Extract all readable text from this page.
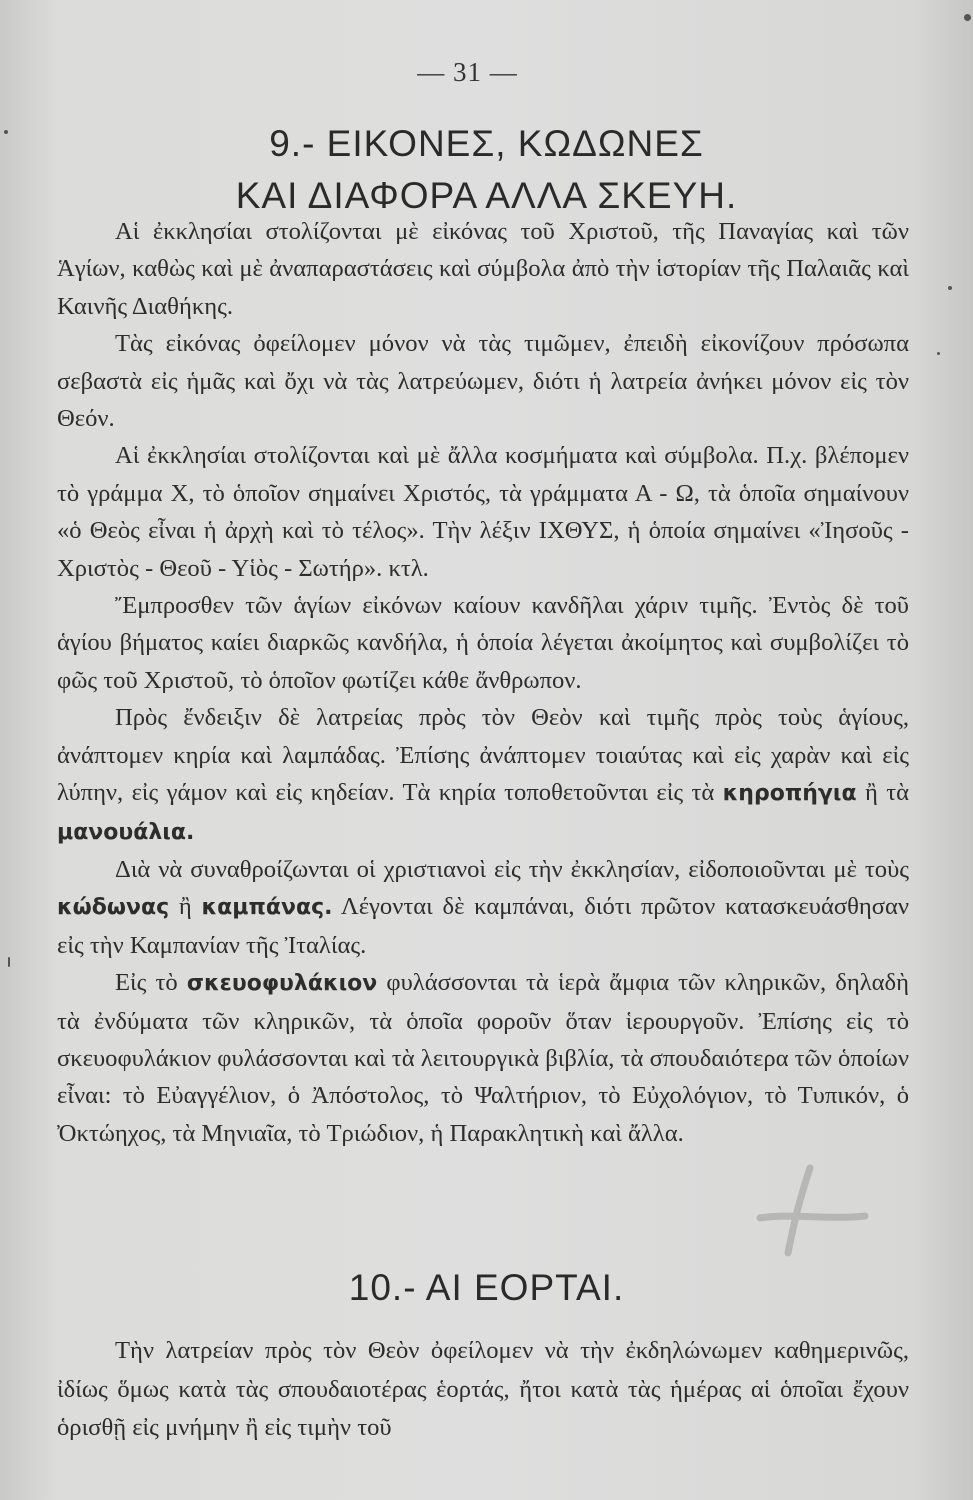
— 31 —
9.- ΕΙΚΟΝΕΣ, ΚΩΔΩΝΕΣ
ΚΑΙ ΔΙΑΦΟΡΑ ΑΛΛΑ ΣΚΕΥΗ.

Αἱ ἐκκλησίαι στολίζονται μὲ εἰκόνας τοῦ Χριστοῦ, τῆς Παναγίας καὶ τῶν Ἁγίων, καθὼς καὶ μὲ ἀναπαραστάσεις καὶ σύμβολα ἀπὸ τὴν ἱστορίαν τῆς Παλαιᾶς καὶ Καινῆς Διαθήκης.

Τὰς εἰκόνας ὀφείλομεν μόνον νὰ τὰς τιμῶμεν, ἐπειδὴ εἰκονίζουν πρόσωπα σεβαστὰ εἰς ἡμᾶς καὶ ὄχι νὰ τὰς λατρεύωμεν, διότι ἡ λατρεία ἀνήκει μόνον εἰς τὸν Θεόν.

Αἱ ἐκκλησίαι στολίζονται καὶ μὲ ἄλλα κοσμήματα καὶ σύμβολα. Π.χ. βλέπομεν τὸ γράμμα Χ, τὸ ὁποῖον σημαίνει Χριστός, τὰ γράμματα Α - Ω, τὰ ὁποῖα σημαίνουν «ὁ Θεὸς εἶναι ἡ ἀρχὴ καὶ τὸ τέλος». Τὴν λέξιν ΙΧΘΥΣ, ἡ ὁποία σημαίνει «Ἰησοῦς - Χριστὸς - Θεοῦ - Υἱὸς - Σωτήρ». κτλ.

Ἔμπροσθεν τῶν ἁγίων εἰκόνων καίουν κανδῆλαι χάριν τιμῆς. Ἐντὸς δὲ τοῦ ἁγίου βήματος καίει διαρκῶς κανδήλα, ἡ ὁποία λέγεται ἀκοίμητος καὶ συμβολίζει τὸ φῶς τοῦ Χριστοῦ, τὸ ὁποῖον φωτίζει κάθε ἄνθρωπον.

Πρὸς ἔνδειξιν δὲ λατρείας πρὸς τὸν Θεὸν καὶ τιμῆς πρὸς τοὺς ἁγίους, ἀνάπτομεν κηρία καὶ λαμπάδας. Ἐπίσης ἀνάπτομεν τοιαύτας καὶ εἰς χαρὰν καὶ εἰς λύπην, εἰς γάμον καὶ εἰς κηδείαν. Τὰ κηρία τοποθετοῦνται εἰς τὰ κηροπήγια ἢ τὰ μανουάλια.

Διὰ νὰ συναθροίζωνται οἱ χριστιανοὶ εἰς τὴν ἐκκλησίαν, εἰδοποιοῦνται μὲ τοὺς κώδωνας ἢ καμπάνας. Λέγονται δὲ καμπάναι, διότι πρῶτον κατασκευάσθησαν εἰς τὴν Καμπανίαν τῆς Ἰταλίας.

Εἰς τὸ σκευοφυλάκιον φυλάσσονται τὰ ἱερὰ ἄμφια τῶν κληρικῶν, δηλαδὴ τὰ ἐνδύματα τῶν κληρικῶν, τὰ ὁποῖα φοροῦν ὅταν ἱερουργοῦν. Ἐπίσης εἰς τὸ σκευοφυλάκιον φυλάσσονται καὶ τὰ λειτουργικὰ βιβλία, τὰ σπουδαιότερα τῶν ὁποίων εἶναι: τὸ Εὐαγγέλιον, ὁ Ἀπόστολος, τὸ Ψαλτήριον, τὸ Εὐχολόγιον, τὸ Τυπικόν, ὁ Ὀκτώηχος, τὰ Μηνιαῖα, τὸ Τριώδιον, ἡ Παρακλητικὴ καὶ ἄλλα.

10.- ΑΙ ΕΟΡΤΑΙ.

Τὴν λατρείαν πρὸς τὸν Θεὸν ὀφείλομεν νὰ τὴν ἐκδηλώνωμεν καθημερινῶς, ἰδίως ὅμως κατὰ τὰς σπουδαιοτέρας ἑορτάς, ἤτοι κατὰ τὰς ἡμέρας αἱ ὁποῖαι ἔχουν ὁρισθῇ εἰς μνήμην ἢ εἰς τιμὴν τοῦ
